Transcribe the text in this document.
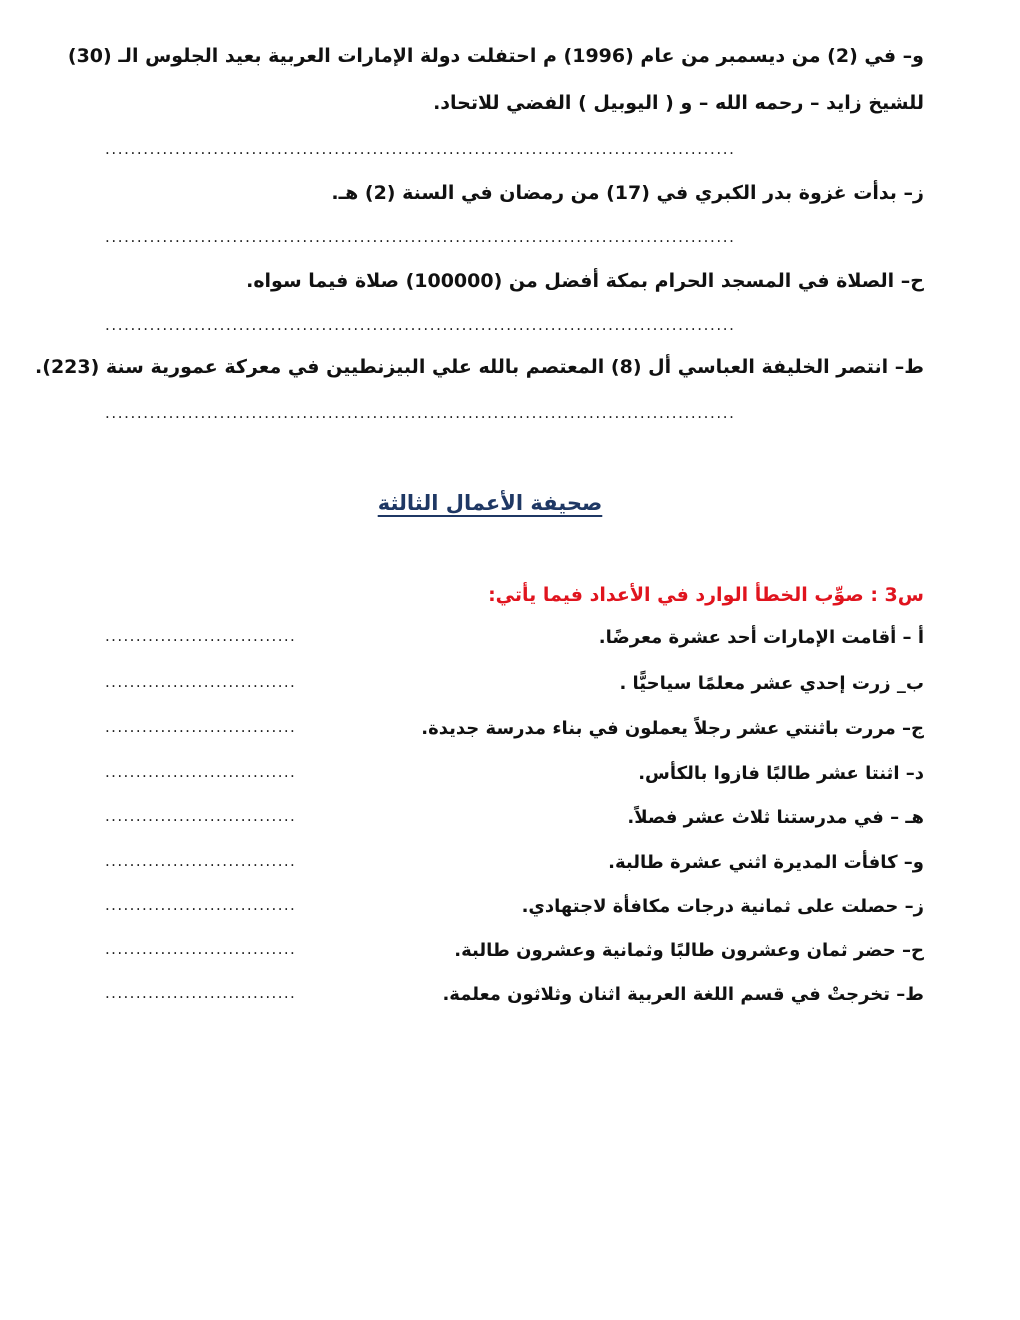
و– في (2) من ديسمبر من عام (1996) م احتفلت دولة الإمارات العربية بعيد الجلوس الـ (30)
للشيخ زايد – رحمه الله – و ( اليوبيل ) الفضي للاتحاد.
...................................................................................................
ز– بدأت غزوة بدر الكبري في (17) من رمضان في السنة (2) هـ.
...................................................................................................
ح– الصلاة في المسجد الحرام بمكة أفضل من (100000) صلاة فيما سواه.
...................................................................................................
ط– انتصر الخليفة العباسي أل (8) المعتصم بالله علي البيزنطيين في معركة عمورية سنة (223).
...................................................................................................
صحيفة الأعمال الثالثة
س3 : صوِّب الخطأ الوارد في الأعداد فيما يأتي:
أ – أقامت الإمارات أحد عشرة معرضًا.
...............................
ب_ زرت إحدي عشر معلمًا سياحيًّا .
...............................
ج– مررت باثنتي عشر رجلاً يعملون في بناء مدرسة جديدة.
...............................
د– اثنتا عشر طالبًا فازوا بالكأس.
...............................
هـ – في مدرستنا ثلاث عشر فصلاً.
...............................
و– كافأت المديرة اثني عشرة طالبة.
...............................
ز– حصلت على ثمانية درجات مكافأة لاجتهادي.
...............................
ح– حضر ثمان وعشرون طالبًا وثمانية وعشرون طالبة.
...............................
ط– تخرجتْ في قسم اللغة العربية اثنان وثلاثون معلمة.
...............................
